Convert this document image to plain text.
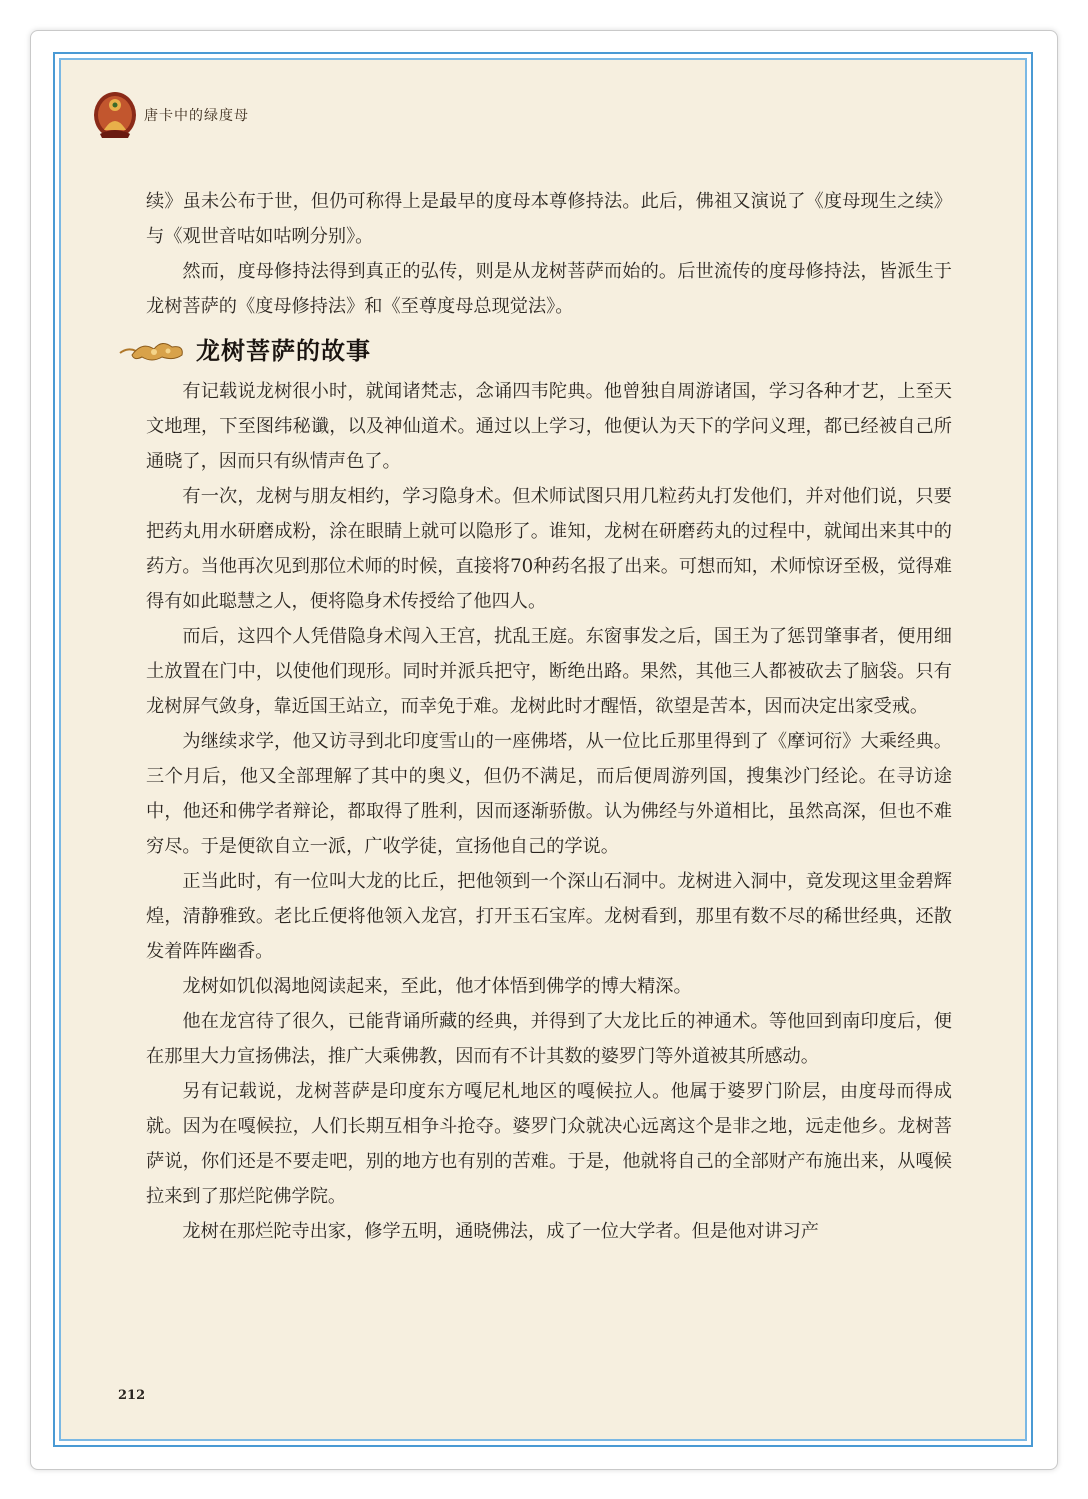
唐卡中的绿度母

续》虽未公布于世，但仍可称得上是最早的度母本尊修持法。此后，佛祖又演说了《度母现生之续》与《观世音咕如咕咧分别》。

然而，度母修持法得到真正的弘传，则是从龙树菩萨而始的。后世流传的度母修持法，皆派生于龙树菩萨的《度母修持法》和《至尊度母总现觉法》。

龙树菩萨的故事

有记载说龙树很小时，就闻诸梵志，念诵四韦陀典。他曾独自周游诸国，学习各种才艺，上至天文地理，下至图纬秘谶，以及神仙道术。通过以上学习，他便认为天下的学问义理，都已经被自己所通晓了，因而只有纵情声色了。

有一次，龙树与朋友相约，学习隐身术。但术师试图只用几粒药丸打发他们，并对他们说，只要把药丸用水研磨成粉，涂在眼睛上就可以隐形了。谁知，龙树在研磨药丸的过程中，就闻出来其中的药方。当他再次见到那位术师的时候，直接将70种药名报了出来。可想而知，术师惊讶至极，觉得难得有如此聪慧之人，便将隐身术传授给了他四人。

而后，这四个人凭借隐身术闯入王宫，扰乱王庭。东窗事发之后，国王为了惩罚肇事者，便用细土放置在门中，以使他们现形。同时并派兵把守，断绝出路。果然，其他三人都被砍去了脑袋。只有龙树屏气敛身，靠近国王站立，而幸免于难。龙树此时才醒悟，欲望是苦本，因而决定出家受戒。

为继续求学，他又访寻到北印度雪山的一座佛塔，从一位比丘那里得到了《摩诃衍》大乘经典。三个月后，他又全部理解了其中的奥义，但仍不满足，而后便周游列国，搜集沙门经论。在寻访途中，他还和佛学者辩论，都取得了胜利，因而逐渐骄傲。认为佛经与外道相比，虽然高深，但也不难穷尽。于是便欲自立一派，广收学徒，宣扬他自己的学说。

正当此时，有一位叫大龙的比丘，把他领到一个深山石洞中。龙树进入洞中，竟发现这里金碧辉煌，清静雅致。老比丘便将他领入龙宫，打开玉石宝库。龙树看到，那里有数不尽的稀世经典，还散发着阵阵幽香。

龙树如饥似渴地阅读起来，至此，他才体悟到佛学的博大精深。

他在龙宫待了很久，已能背诵所藏的经典，并得到了大龙比丘的神通术。等他回到南印度后，便在那里大力宣扬佛法，推广大乘佛教，因而有不计其数的婆罗门等外道被其所感动。

另有记载说，龙树菩萨是印度东方嘎尼札地区的嘎候拉人。他属于婆罗门阶层，由度母而得成就。因为在嘎候拉，人们长期互相争斗抢夺。婆罗门众就决心远离这个是非之地，远走他乡。龙树菩萨说，你们还是不要走吧，别的地方也有别的苦难。于是，他就将自己的全部财产布施出来，从嘎候拉来到了那烂陀佛学院。

龙树在那烂陀寺出家，修学五明，通晓佛法，成了一位大学者。但是他对讲习产

212
